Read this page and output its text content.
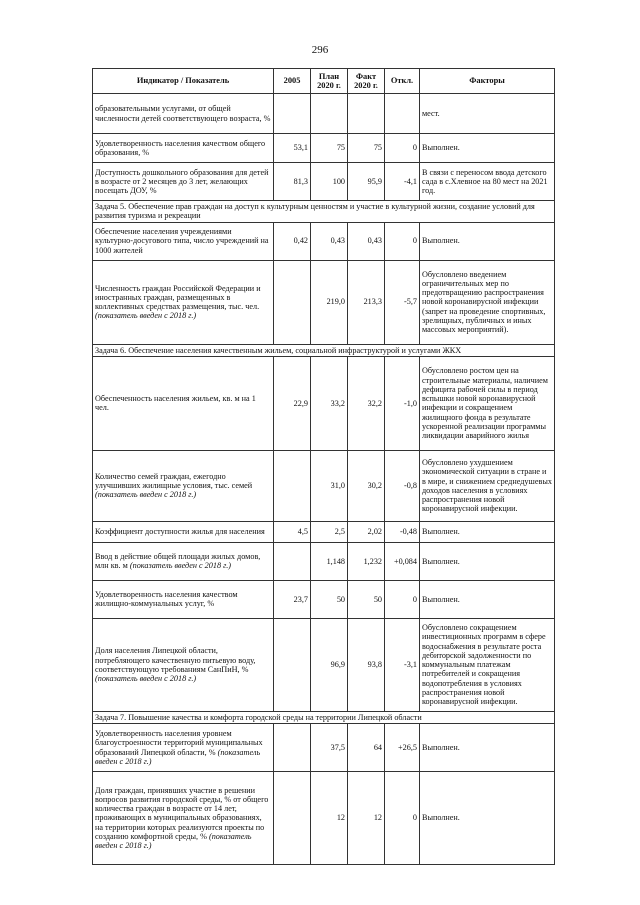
296
Индикатор / Показатель	2005	План 2020 г.	Факт 2020 г.	Откл.	Факторы
образовательными услугами, от общей численности детей соответствующего возраста, %					мест.
Удовлетворенность населения качеством общего образования, %	53,1	75	75	0	Выполнен.
Доступность дошкольного образования для детей в возрасте от 2 месяцев до 3 лет, желающих посещать ДОУ, %	81,3	100	95,9	-4,1	В связи с переносом ввода детского сада в с.Хлевное на 80 мест на 2021 год.
Задача 5. Обеспечение прав граждан на доступ к культурным ценностям и участие в культурной жизни, создание условий для развития туризма и рекреации					
Обеспечение населения учреждениями культурно-досугового типа, число учреждений на 1000 жителей	0,42	0,43	0,43	0	Выполнен.
Численность граждан Российской Федерации и иностранных граждан, размещенных в коллективных средствах размещения, тыс. чел. (показатель введен с 2018 г.)		219,0	213,3	-5,7	Обусловлено введением ограничительных мер по предотвращению распространения новой коронавирусной инфекции (запрет на проведение спортивных, зрелищных, публичных и иных массовых мероприятий).
Задача 6. Обеспечение населения качественным жильем, социальной инфраструктурой и услугами ЖКХ					
Обеспеченность населения жильем, кв. м на 1 чел.	22,9	33,2	32,2	-1,0	Обусловлено ростом цен на строительные материалы, наличием дефицита рабочей силы в период вспышки новой коронавирусной инфекции и сокращением жилищного фонда в результате ускоренной реализации программы ликвидации аварийного жилья
Количество семей граждан, ежегодно улучшивших жилищные условия, тыс. семей (показатель введен с 2018 г.)		31,0	30,2	-0,8	Обусловлено ухудшением экономической ситуации в стране и в мире, и снижением среднедушевых доходов населения в условиях распространения новой коронавирусной инфекции.
Коэффициент доступности жилья для населения	4,5	2,5	2,02	-0,48	Выполнен.
Ввод в действие общей площади жилых домов, млн кв. м (показатель введен с 2018 г.)		1,148	1,232	+0,084	Выполнен.
Удовлетворенность населения качеством жилищно-коммунальных услуг, %	23,7	50	50	0	Выполнен.
Доля населения Липецкой области, потребляющего качественную питьевую воду, соответствующую требованиям СанПиН, % (показатель введен с 2018 г.)		96,9	93,8	-3,1	Обусловлено сокращением инвестиционных программ в сфере водоснабжения в результате роста дебиторской задолженности по коммунальным платежам потребителей и сокращения водопотребления в условиях распространения новой коронавирусной инфекции.
Задача 7. Повышение качества и комфорта городской среды на территории Липецкой области					
Удовлетворенность населения уровнем благоустроенности территорий муниципальных образований Липецкой области, % (показатель введен с 2018 г.)		37,5	64	+26,5	Выполнен.
Доля граждан, принявших участие в решении вопросов развития городской среды, % от общего количества граждан в возрасте от 14 лет, проживающих в муниципальных образованиях, на территории которых реализуются проекты по созданию комфортной среды, % (показатель введен с 2018 г.)		12	12	0	Выполнен.
